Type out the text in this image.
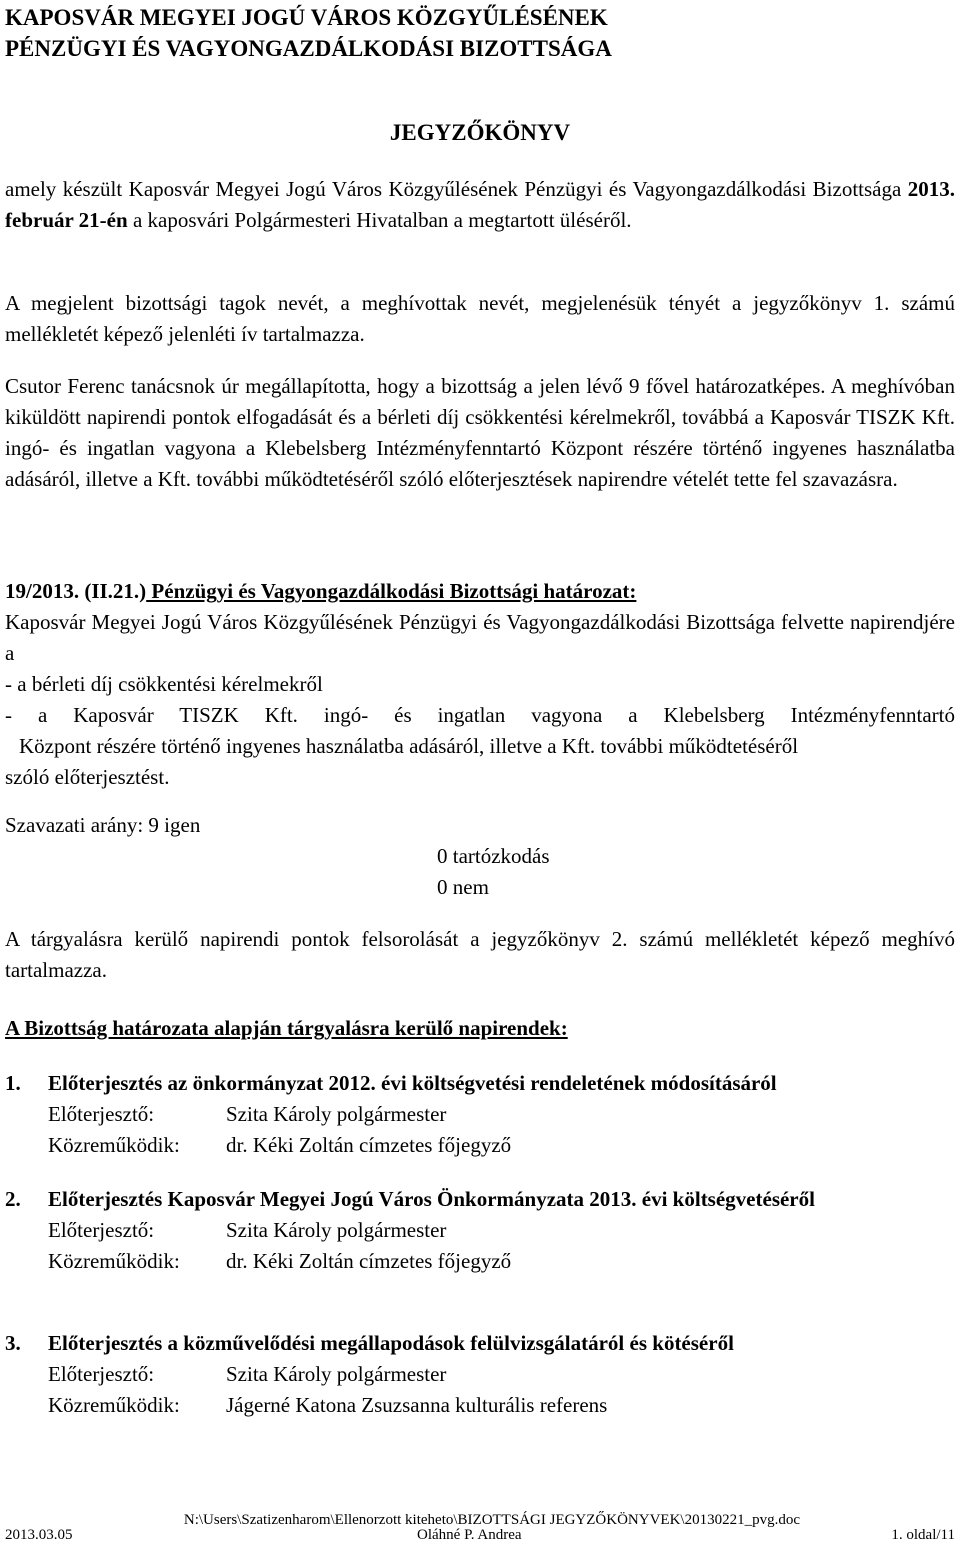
KAPOSVÁR MEGYEI JOGÚ VÁROS KÖZGYŰLÉSÉNEK
PÉNZÜGYI ÉS VAGYONGAZDÁLKODÁSI BIZOTTSÁGA
JEGYZŐKÖNYV
amely készült Kaposvár Megyei Jogú Város Közgyűlésének Pénzügyi és Vagyongazdálkodási Bizottsága 2013. február 21-én a kaposvári Polgármesteri Hivatalban a megtartott üléséről.
A megjelent bizottsági tagok nevét, a meghívottak nevét, megjelenésük tényét a jegyzőkönyv 1. számú mellékletét képező jelenléti ív tartalmazza.
Csutor Ferenc tanácsnok úr megállapította, hogy a bizottság a jelen lévő 9 fővel határozatképes. A meghívóban kiküldött napirendi pontok elfogadását és a bérleti díj csökkentési kérelmekről, továbbá a Kaposvár TISZK Kft. ingó- és ingatlan vagyona a Klebelsberg Intézményfenntartó Központ részére történő ingyenes használatba adásáról, illetve a Kft. további működtetéséről szóló előterjesztések napirendre vételét tette fel szavazásra.
19/2013. (II.21.) Pénzügyi és Vagyongazdálkodási Bizottsági határozat:
Kaposvár Megyei Jogú Város Közgyűlésének Pénzügyi és Vagyongazdálkodási Bizottsága felvette napirendjére a
- a bérleti díj csökkentési kérelmekről
- a Kaposvár TISZK Kft. ingó- és ingatlan vagyona a Klebelsberg Intézményfenntartó
Központ részére történő ingyenes használatba adásáról, illetve a Kft. további működtetéséről
szóló előterjesztést.
Szavazati arány: 9 igen
0 tartózkodás
0 nem
A tárgyalásra kerülő napirendi pontok felsorolását a jegyzőkönyv 2. számú mellékletét képező meghívó tartalmazza.
A Bizottság határozata alapján tárgyalásra kerülő napirendek:
1.	Előterjesztés az önkormányzat 2012. évi költségvetési rendeletének módosításáról
Előterjesztő:	Szita Károly polgármester
Közreműködik:	dr. Kéki Zoltán címzetes főjegyző
2.	Előterjesztés Kaposvár Megyei Jogú Város Önkormányzata 2013. évi költségvetéséről
Előterjesztő:	Szita Károly polgármester
Közreműködik:	dr. Kéki Zoltán címzetes főjegyző
3.	Előterjesztés a közművelődési megállapodások felülvizsgálatáról és kötéséről
Előterjesztő:	Szita Károly polgármester
Közreműködik:	Jágerné Katona Zsuzsanna kulturális referens
N:\Users\Szatizenharom\Ellenorzott kiteheto\BIZOTTSÁGI JEGYZŐKÖNYVEK\20130221_pvg.doc
2013.03.05	Oláhné P. Andrea	1. oldal/11
